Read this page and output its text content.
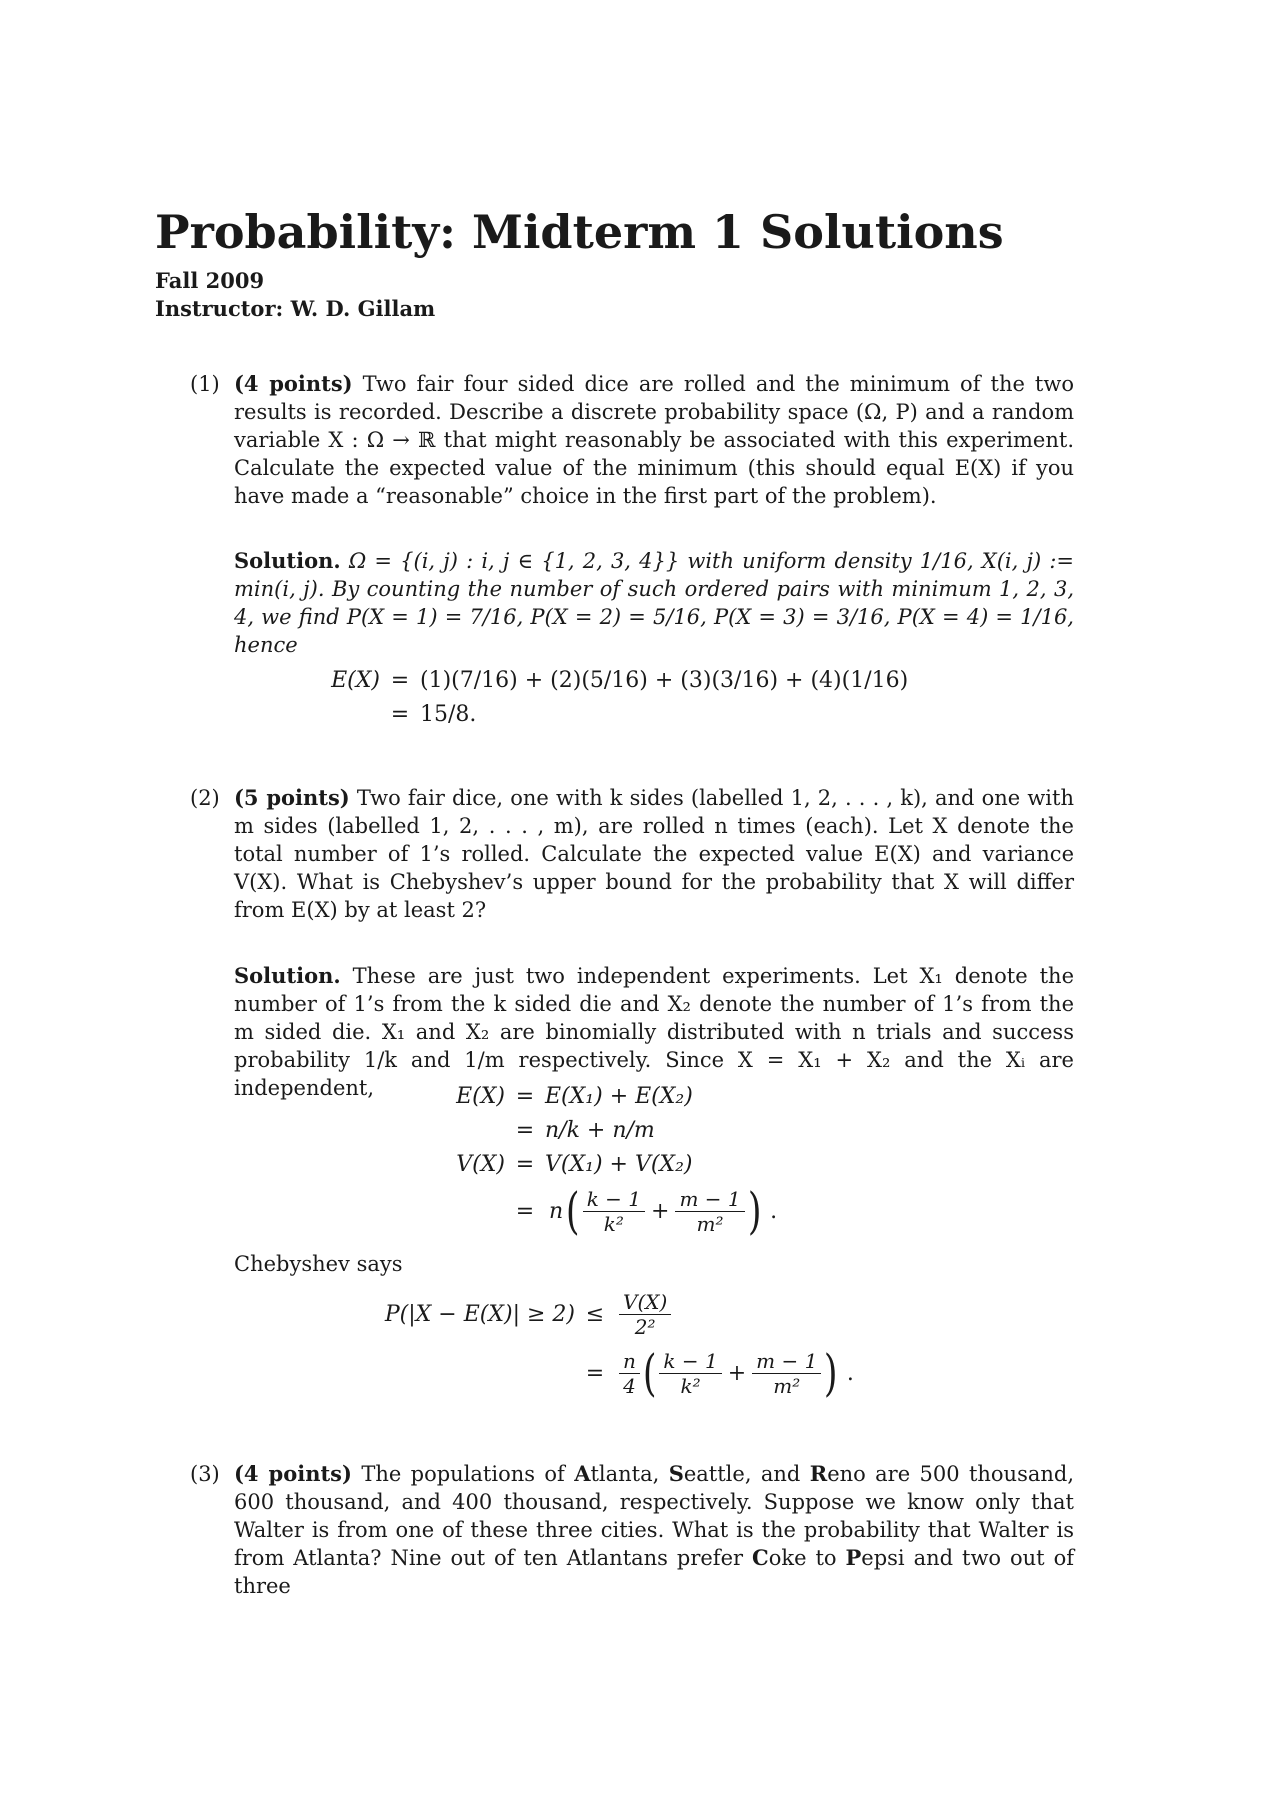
Probability: Midterm 1 Solutions
Fall 2009
Instructor: W. D. Gillam
(1) (4 points) Two fair four sided dice are rolled and the minimum of the two results is recorded. Describe a discrete probability space (Ω, P) and a random variable X : Ω → ℝ that might reasonably be associated with this experiment. Calculate the expected value of the minimum (this should equal E(X) if you have made a “reasonable” choice in the first part of the problem).
Solution. Ω = {(i, j) : i, j ∈ {1, 2, 3, 4}} with uniform density 1/16, X(i, j) := min(i, j). By counting the number of such ordered pairs with minimum 1, 2, 3, 4, we find P(X = 1) = 7/16, P(X = 2) = 5/16, P(X = 3) = 3/16, P(X = 4) = 1/16, hence
E(X) = (1)(7/16) + (2)(5/16) + (3)(3/16) + (4)(1/16)
= 15/8.
(2) (5 points) Two fair dice, one with k sides (labelled 1, 2, . . . , k), and one with m sides (labelled 1, 2, . . . , m), are rolled n times (each). Let X denote the total number of 1’s rolled. Calculate the expected value E(X) and variance V(X). What is Chebyshev’s upper bound for the probability that X will differ from E(X) by at least 2?
Solution. These are just two independent experiments. Let X₁ denote the number of 1’s from the k sided die and X₂ denote the number of 1’s from the m sided die. X₁ and X₂ are binomially distributed with n trials and success probability 1/k and 1/m respectively. Since X = X₁ + X₂ and the Xᵢ are independent,	E(X) = E(X₁) + E(X₂)
= n/k + n/m
V(X) = V(X₁) + V(X₂)
= $n( \frac{k - 1}{\text{k²}} + \frac{m - 1}{\text{m²}}$ ) .
Chebyshev says
$P(|X - E(X)| \ge 2) \le \frac{V(X)}{\text{2²}}$
= $\frac{n}{4}$ ( $\frac{k - 1}{\text{k²}} + \frac{m - 1}{\text{m²}}$ ) .
(3) (4 points) The populations of Atlanta, Seattle, and Reno are 500 thousand, 600 thousand, and 400 thousand, respectively. Suppose we know only that Walter is from one of these three cities. What is the probability that Walter is from Atlanta? Nine out of ten Atlantans prefer Coke to Pepsi and two out of three
